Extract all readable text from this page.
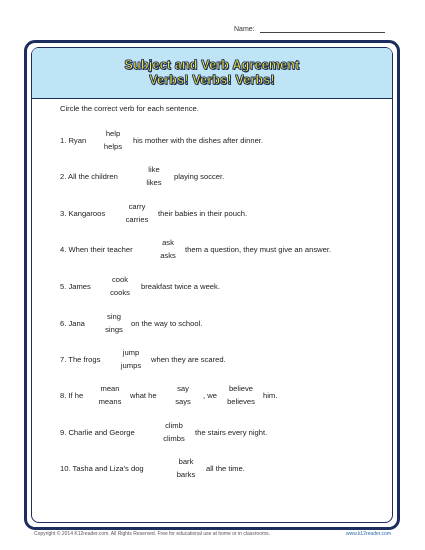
Name:
Subject and Verb Agreement
Verbs! Verbs! Verbs!
Circle the correct verb for each sentence.
1. Ryan
help
helps
his mother with the dishes after dinner.
2. All the children
like
likes
playing soccer.
3. Kangaroos
carry
carries
their babies in their pouch.
4. When their teacher
ask
asks
them a question, they must give an answer.
5. James
cook
cooks
breakfast twice a week.
6. Jana
sing
sings
on the way to school.
7. The frogs
jump
jumps
when they are scared.
8. If he
mean
means
what he
say
says
, we
believe
believes
him.
9. Charlie and George
climb
climbs
the stairs every night.
10. Tasha and Liza's dog
bark
barks
all the time.
Copyright © 2014 K12reader.com. All Rights Reserved. Free for educational use at home or in classrooms.	www.k12reader.com
